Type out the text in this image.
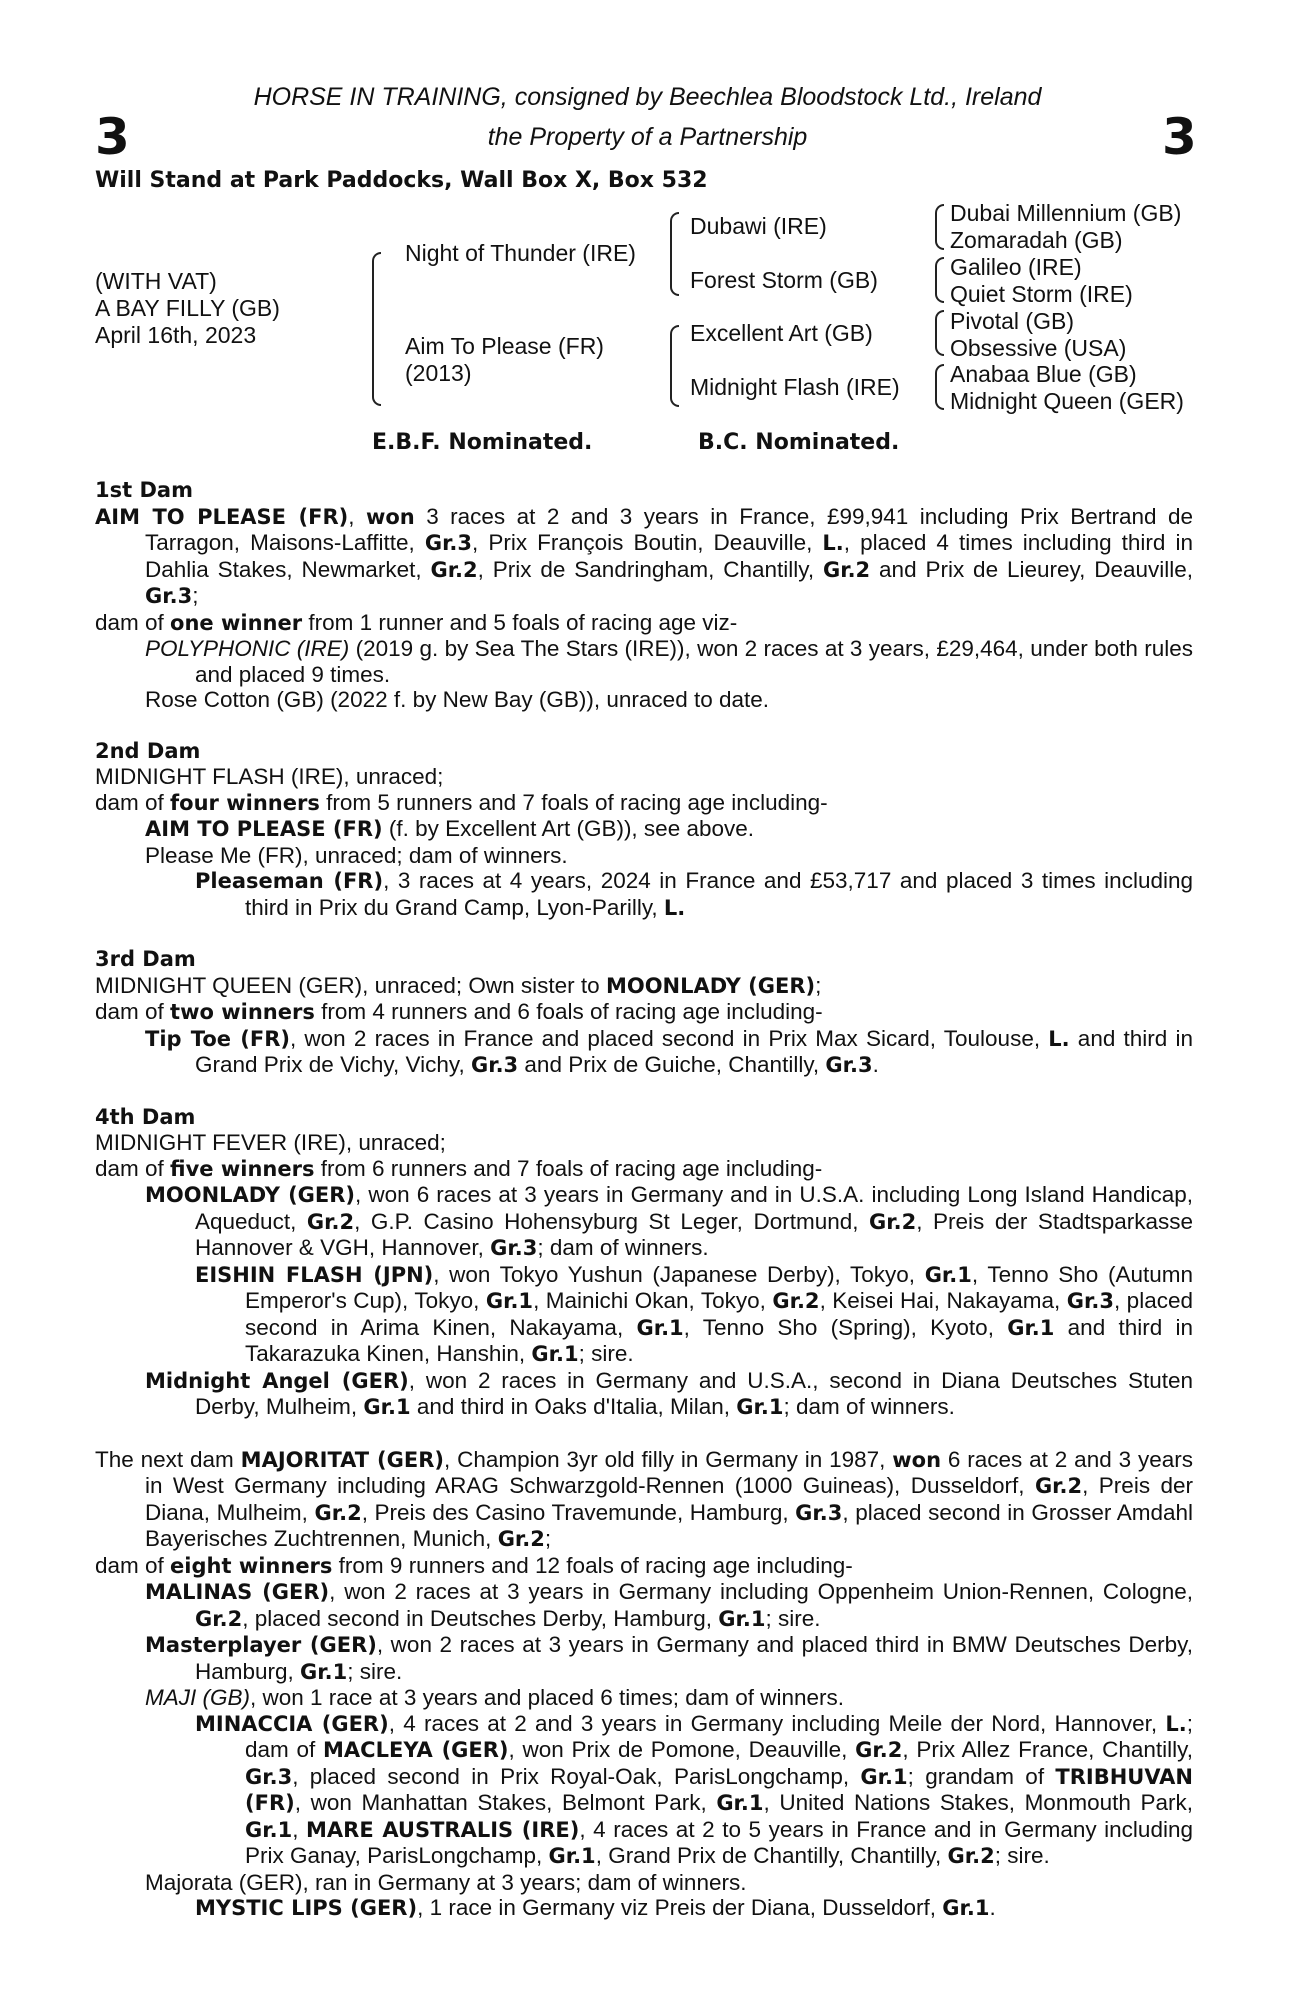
3	3
HORSE IN TRAINING, consigned by Beechlea Bloodstock Ltd., Ireland
the Property of a Partnership
Will Stand at Park Paddocks, Wall Box X, Box 532
(WITH VAT)
A BAY FILLY (GB)
April 16th, 2023
Night of Thunder (IRE)
Aim To Please (FR)
(2013)
Dubawi (IRE)
Forest Storm (GB)
Excellent Art (GB)
Midnight Flash (IRE)
Dubai Millennium (GB)
Zomaradah (GB)
Galileo (IRE)
Quiet Storm (IRE)
Pivotal (GB)
Obsessive (USA)
Anabaa Blue (GB)
Midnight Queen (GER)
E.B.F. Nominated.	B.C. Nominated.
1st Dam
AIM TO PLEASE (FR), won 3 races at 2 and 3 years in France, £99,941 including Prix Bertrand de Tarragon, Maisons-Laffitte, Gr.3, Prix François Boutin, Deauville, L., placed 4 times including third in Dahlia Stakes, Newmarket, Gr.2, Prix de Sandringham, Chantilly, Gr.2 and Prix de Lieurey, Deauville, Gr.3;
dam of one winner from 1 runner and 5 foals of racing age viz-
POLYPHONIC (IRE) (2019 g. by Sea The Stars (IRE)), won 2 races at 3 years, £29,464, under both rules and placed 9 times.
Rose Cotton (GB) (2022 f. by New Bay (GB)), unraced to date.
2nd Dam
MIDNIGHT FLASH (IRE), unraced;
dam of four winners from 5 runners and 7 foals of racing age including-
AIM TO PLEASE (FR) (f. by Excellent Art (GB)), see above.
Please Me (FR), unraced; dam of winners.
Pleaseman (FR), 3 races at 4 years, 2024 in France and £53,717 and placed 3 times including third in Prix du Grand Camp, Lyon-Parilly, L.
3rd Dam
MIDNIGHT QUEEN (GER), unraced; Own sister to MOONLADY (GER);
dam of two winners from 4 runners and 6 foals of racing age including-
Tip Toe (FR), won 2 races in France and placed second in Prix Max Sicard, Toulouse, L. and third in Grand Prix de Vichy, Vichy, Gr.3 and Prix de Guiche, Chantilly, Gr.3.
4th Dam
MIDNIGHT FEVER (IRE), unraced;
dam of five winners from 6 runners and 7 foals of racing age including-
MOONLADY (GER), won 6 races at 3 years in Germany and in U.S.A. including Long Island Handicap, Aqueduct, Gr.2, G.P. Casino Hohensyburg St Leger, Dortmund, Gr.2, Preis der Stadtsparkasse Hannover & VGH, Hannover, Gr.3; dam of winners.
EISHIN FLASH (JPN), won Tokyo Yushun (Japanese Derby), Tokyo, Gr.1, Tenno Sho (Autumn Emperor's Cup), Tokyo, Gr.1, Mainichi Okan, Tokyo, Gr.2, Keisei Hai, Nakayama, Gr.3, placed second in Arima Kinen, Nakayama, Gr.1, Tenno Sho (Spring), Kyoto, Gr.1 and third in Takarazuka Kinen, Hanshin, Gr.1; sire.
Midnight Angel (GER), won 2 races in Germany and U.S.A., second in Diana Deutsches Stuten Derby, Mulheim, Gr.1 and third in Oaks d'Italia, Milan, Gr.1; dam of winners.
The next dam MAJORITAT (GER), Champion 3yr old filly in Germany in 1987, won 6 races at 2 and 3 years in West Germany including ARAG Schwarzgold-Rennen (1000 Guineas), Dusseldorf, Gr.2, Preis der Diana, Mulheim, Gr.2, Preis des Casino Travemunde, Hamburg, Gr.3, placed second in Grosser Amdahl Bayerisches Zuchtrennen, Munich, Gr.2;
dam of eight winners from 9 runners and 12 foals of racing age including-
MALINAS (GER), won 2 races at 3 years in Germany including Oppenheim Union-Rennen, Cologne, Gr.2, placed second in Deutsches Derby, Hamburg, Gr.1; sire.
Masterplayer (GER), won 2 races at 3 years in Germany and placed third in BMW Deutsches Derby, Hamburg, Gr.1; sire.
MAJI (GB), won 1 race at 3 years and placed 6 times; dam of winners.
MINACCIA (GER), 4 races at 2 and 3 years in Germany including Meile der Nord, Hannover, L.; dam of MACLEYA (GER), won Prix de Pomone, Deauville, Gr.2, Prix Allez France, Chantilly, Gr.3, placed second in Prix Royal-Oak, ParisLongchamp, Gr.1; grandam of TRIBHUVAN (FR), won Manhattan Stakes, Belmont Park, Gr.1, United Nations Stakes, Monmouth Park, Gr.1, MARE AUSTRALIS (IRE), 4 races at 2 to 5 years in France and in Germany including Prix Ganay, ParisLongchamp, Gr.1, Grand Prix de Chantilly, Chantilly, Gr.2; sire.
Majorata (GER), ran in Germany at 3 years; dam of winners.
MYSTIC LIPS (GER), 1 race in Germany viz Preis der Diana, Dusseldorf, Gr.1.
